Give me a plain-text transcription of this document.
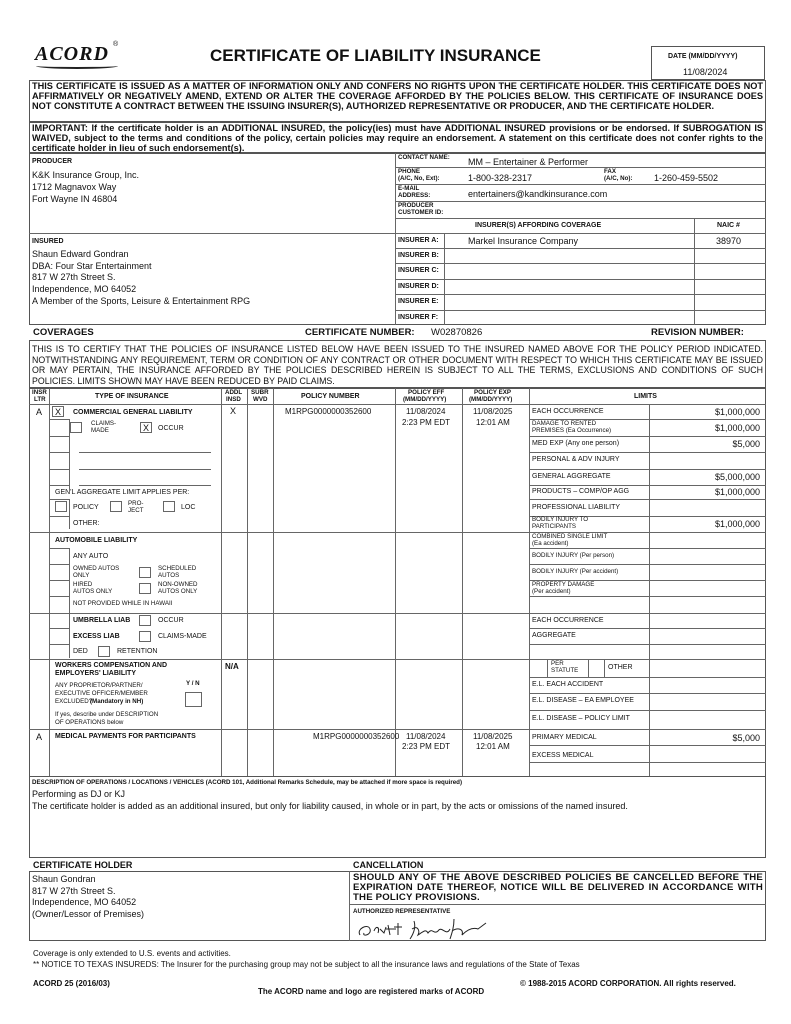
ACORD ®
CERTIFICATE OF LIABILITY INSURANCE	DATE (MM/DD/YYYY)
11/08/2024
THIS CERTIFICATE IS ISSUED AS A MATTER OF INFORMATION ONLY AND CONFERS NO RIGHTS UPON THE CERTIFICATE HOLDER. THIS CERTIFICATE DOES NOT AFFIRMATIVELY OR NEGATIVELY AMEND, EXTEND OR ALTER THE COVERAGE AFFORDED BY THE POLICIES BELOW. THIS CERTIFICATE OF INSURANCE DOES NOT CONSTITUTE A CONTRACT BETWEEN THE ISSUING INSURER(S), AUTHORIZED REPRESENTATIVE OR PRODUCER, AND THE CERTIFICATE HOLDER.
IMPORTANT: If the certificate holder is an ADDITIONAL INSURED, the policy(ies) must have ADDITIONAL INSURED provisions or be endorsed. If SUBROGATION IS WAIVED, subject to the terms and conditions of the policy, certain policies may require an endorsement. A statement on this certificate does not confer rights to the certificate holder in lieu of such endorsement(s).
PRODUCER
K&K Insurance Group, Inc.
1712 Magnavox Way
Fort Wayne IN 46804
CONTACT NAME: MM – Entertainer & Performer
PHONE
(A/C, No, Ext):	1-800-328-2317
FAX
(A/C, No): 1-260-459-5502
E-MAIL
ADDRESS:	entertainers@kandkinsurance.com
PRODUCER
CUSTOMER ID:
INSURER(S) AFFORDING COVERAGE	NAIC #
INSURER A:	Markel Insurance Company	38970
INSURER B:
INSURER C:
INSURER D:
INSURER E:
INSURER F:
INSURED
Shaun Edward Gondran
DBA: Four Star Entertainment
817 W 27th Street S.
Independence, MO 64052
A Member of the Sports, Leisure & Entertainment RPG
COVERAGES	CERTIFICATE NUMBER: W02870826	REVISION NUMBER:
THIS IS TO CERTIFY THAT THE POLICIES OF INSURANCE LISTED BELOW HAVE BEEN ISSUED TO THE INSURED NAMED ABOVE FOR THE POLICY PERIOD INDICATED. NOTWITHSTANDING ANY REQUIREMENT, TERM OR CONDITION OF ANY CONTRACT OR OTHER DOCUMENT WITH RESPECT TO WHICH THIS CERTIFICATE MAY BE ISSUED OR MAY PERTAIN, THE INSURANCE AFFORDED BY THE POLICIES DESCRIBED HEREIN IS SUBJECT TO ALL THE TERMS, EXCLUSIONS AND CONDITIONS OF SUCH POLICIES. LIMITS SHOWN MAY HAVE BEEN REDUCED BY PAID CLAIMS.
INSR
LTR	TYPE OF INSURANCE
ADDL
INSD
SUBR
WVD	POLICY NUMBER
POLICY EFF
(MM/DD/YYYY)
POLICY EXP
(MM/DD/YYYY)	LIMITS
A	X	COMMERCIAL GENERAL LIABILITY
CLAIMS-
MADE	X	OCCUR
GEN'L AGGREGATE LIMIT APPLIES PER:
POLICY
PRO-
JECT	LOC
OTHER:
X	M1RPG0000000352600	11/08/2024
2:23 PM EDT
11/08/2025
12:01 AM
EACH OCCURRENCE	$1,000,000
DAMAGE TO RENTED
PREMISES (Ea Occurrence)	$1,000,000
MED EXP (Any one person)	$5,000
PERSONAL & ADV INJURY
GENERAL AGGREGATE	$5,000,000
PRODUCTS – COMP/OP AGG	$1,000,000
PROFESSIONAL LIABILITY
BODILY INJURY TO
PARTICIPANTS	$1,000,000
AUTOMOBILE LIABILITY
ANY AUTO
OWNED AUTOS
ONLY
SCHEDULED
AUTOS
HIRED
AUTOS ONLY
NON-OWNED
AUTOS ONLY
NOT PROVIDED WHILE IN HAWAII
COMBINED SINGLE LIMIT
(Ea accident)
BODILY INJURY (Per person)
BODILY INJURY (Per accident)
PROPERTY DAMAGE
(Per accident)
UMBRELLA LIAB	OCCUR
EXCESS LIAB	CLAIMS-MADE
DED	RETENTION
EACH OCCURRENCE
AGGREGATE
WORKERS COMPENSATION AND
EMPLOYERS' LIABILITY
Y / N
ANY PROPRIETOR/PARTNER/
EXECUTIVE OFFICER/MEMBER
EXCLUDED?
(Mandatory in NH)
If yes, describe under DESCRIPTION
OF OPERATIONS below
N/A	PER
STATUTE	OTHER
E.L. EACH ACCIDENT
E.L. DISEASE – EA EMPLOYEE
E.L. DISEASE – POLICY LIMIT
A MEDICAL PAYMENTS FOR PARTICIPANTS	M1RPG0000000352600 11/08/2024
2:23 PM EDT
11/08/2025
12:01 AM
PRIMARY MEDICAL	$5,000
EXCESS MEDICAL
DESCRIPTION OF OPERATIONS / LOCATIONS / VEHICLES (ACORD 101, Additional Remarks Schedule, may be attached if more space is required)
Performing as DJ or KJ
The certificate holder is added as an additional insured, but only for liability caused, in whole or in part, by the acts or omissions of the named insured.
CERTIFICATE HOLDER	CANCELLATION
Shaun Gondran
817 W 27th Street S.
Independence, MO 64052
(Owner/Lessor of Premises)
SHOULD ANY OF THE ABOVE DESCRIBED POLICIES BE CANCELLED BEFORE THE EXPIRATION DATE THEREOF, NOTICE WILL BE DELIVERED IN ACCORDANCE WITH THE POLICY PROVISIONS.
AUTHORIZED REPRESENTATIVE
Coverage is only extended to U.S. events and activities.
** NOTICE TO TEXAS INSUREDS: The Insurer for the purchasing group may not be subject to all the insurance laws and regulations of the State of Texas
ACORD 25 (2016/03)	© 1988-2015 ACORD CORPORATION. All rights reserved.
The ACORD name and logo are registered marks of ACORD
